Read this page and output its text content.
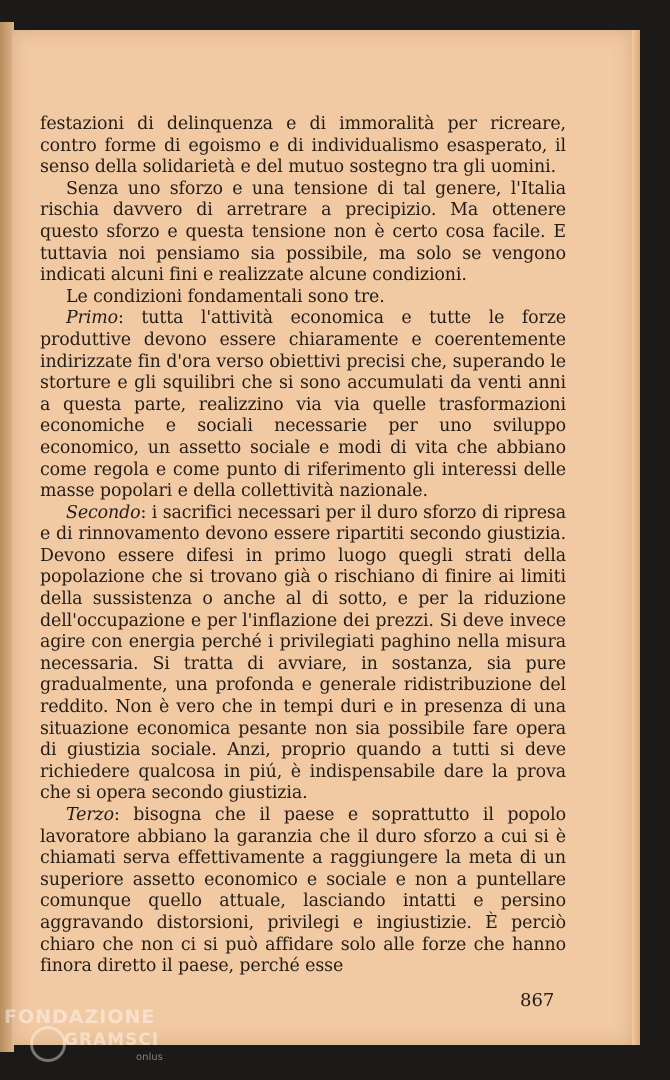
festazioni di delinquenza e di immoralità per ricreare, contro forme di egoismo e di individualismo esasperato, il senso della solidarietà e del mutuo sostegno tra gli uomini.

Senza uno sforzo e una tensione di tal genere, l'Italia rischia davvero di arretrare a precipizio. Ma ottenere questo sforzo e questa tensione non è certo cosa facile. E tuttavia noi pensiamo sia possibile, ma solo se vengono indicati alcuni fini e realizzate alcune condizioni.

Le condizioni fondamentali sono tre.

Primo: tutta l'attività economica e tutte le forze produttive devono essere chiaramente e coerentemente indirizzate fin d'ora verso obiettivi precisi che, superando le storture e gli squilibri che si sono accumulati da venti anni a questa parte, realizzino via via quelle trasformazioni economiche e sociali necessarie per uno sviluppo economico, un assetto sociale e modi di vita che abbiano come regola e come punto di riferimento gli interessi delle masse popolari e della collettività nazionale.

Secondo: i sacrifici necessari per il duro sforzo di ripresa e di rinnovamento devono essere ripartiti secondo giustizia. Devono essere difesi in primo luogo quegli strati della popolazione che si trovano già o rischiano di finire ai limiti della sussistenza o anche al di sotto, e per la riduzione dell'occupazione e per l'inflazione dei prezzi. Si deve invece agire con energia perché i privilegiati paghino nella misura necessaria. Si tratta di avviare, in sostanza, sia pure gradualmente, una profonda e generale ridistribuzione del reddito. Non è vero che in tempi duri e in presenza di una situazione economica pesante non sia possibile fare opera di giustizia sociale. Anzi, proprio quando a tutti si deve richiedere qualcosa in piú, è indispensabile dare la prova che si opera secondo giustizia.

Terzo: bisogna che il paese e soprattutto il popolo lavoratore abbiano la garanzia che il duro sforzo a cui si è chiamati serva effettivamente a raggiungere la meta di un superiore assetto economico e sociale e non a puntellare comunque quello attuale, lasciando intatti e persino aggravando distorsioni, privilegi e ingiustizie. È perciò chiaro che non ci si può affidare solo alle forze che hanno finora diretto il paese, perché esse

867
FONDAZIONE
GRAMSCI
onlus
